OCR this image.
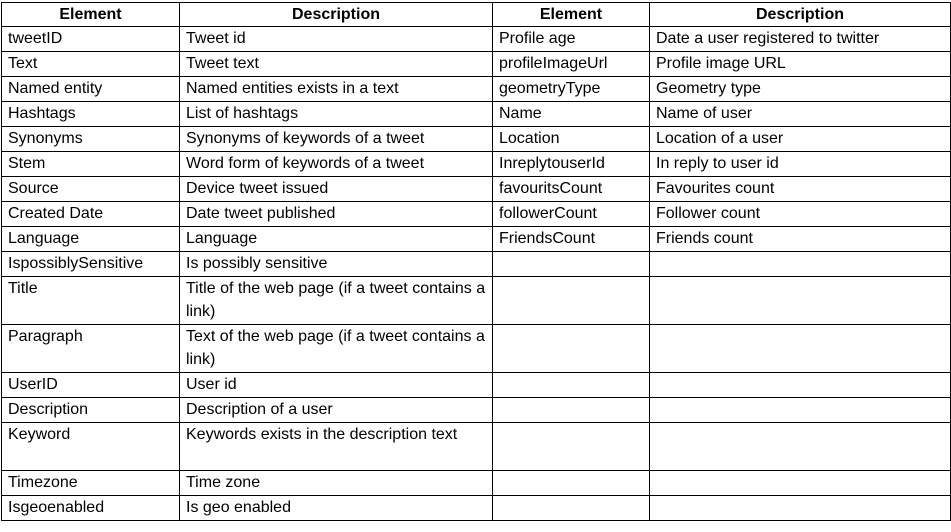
Element	Description	Element	Description
tweetID	Tweet id	Profile age	Date a user registered to twitter
Text	Tweet text	profileImageUrl	Profile image URL
Named entity	Named entities exists in a text	geometryType	Geometry type
Hashtags	List of hashtags	Name	Name of user
Synonyms	Synonyms of keywords of a tweet	Location	Location of a user
Stem	Word form of keywords of a tweet	InreplytouserId	In reply to user id
Source	Device tweet issued	favouritsCount	Favourites count
Created Date	Date tweet published	followerCount	Follower count
Language	Language	FriendsCount	Friends count
IspossiblySensitive	Is possibly sensitive		
Title	Title of the web page (if a tweet contains a link)		
Paragraph	Text of the web page (if a tweet contains a link)		
UserID	User id		
Description	Description of a user		
Keyword	Keywords exists in the description text		
Timezone	Time zone		
Isgeoenabled	Is geo enabled		
